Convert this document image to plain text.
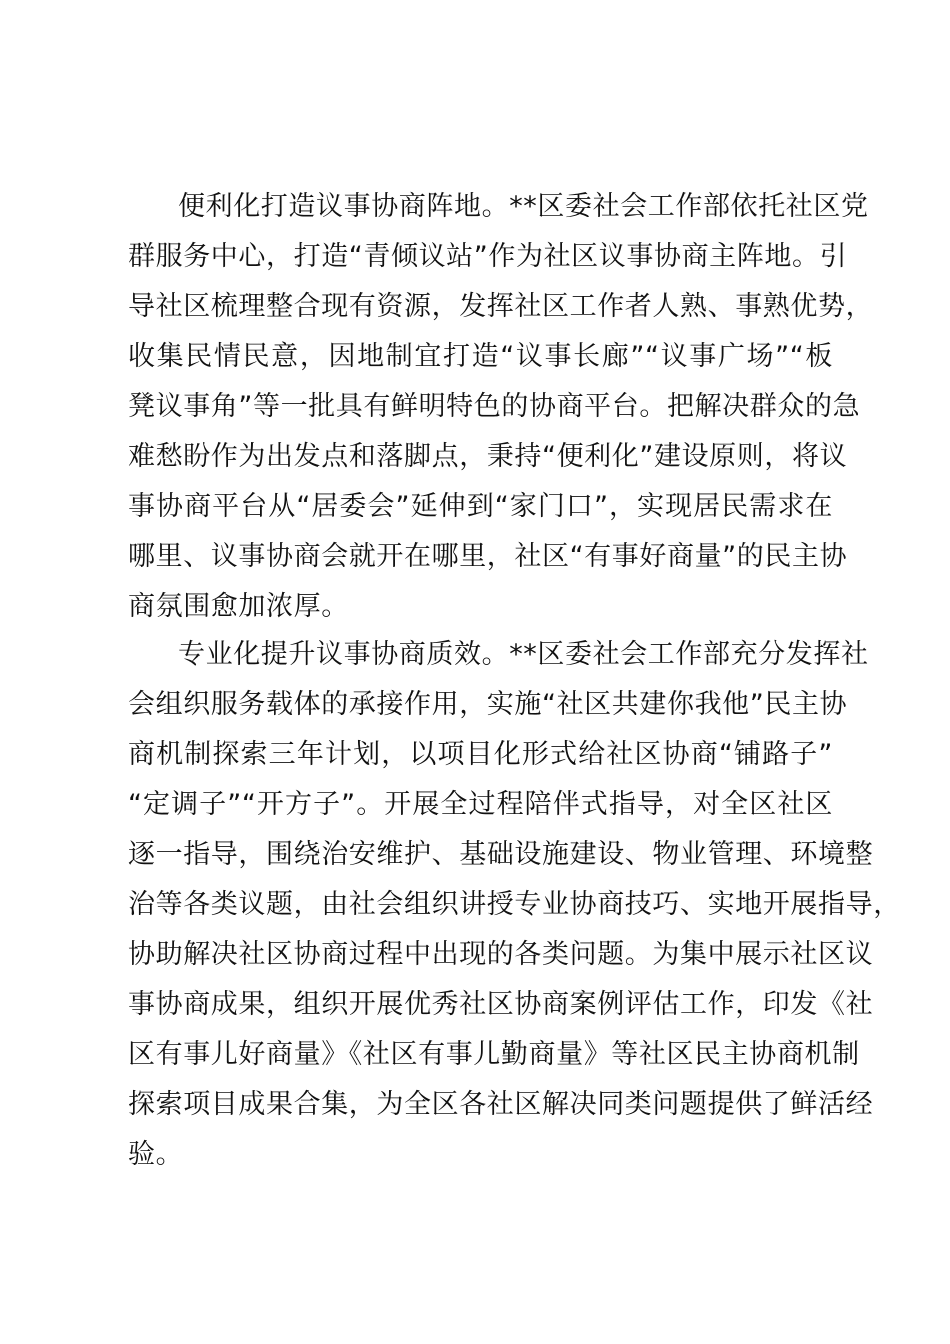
便利化打造议事协商阵地。**区委社会工作部依托社区党
群服务中心，打造“青倾议站”作为社区议事协商主阵地。引
导社区梳理整合现有资源，发挥社区工作者人熟、事熟优势，
收集民情民意，因地制宜打造“议事长廊”“议事广场”“板
凳议事角”等一批具有鲜明特色的协商平台。把解决群众的急
难愁盼作为出发点和落脚点，秉持“便利化”建设原则，将议
事协商平台从“居委会”延伸到“家门口”，实现居民需求在
哪里、议事协商会就开在哪里，社区“有事好商量”的民主协
商氛围愈加浓厚。
专业化提升议事协商质效。**区委社会工作部充分发挥社
会组织服务载体的承接作用，实施“社区共建你我他”民主协
商机制探索三年计划，以项目化形式给社区协商“铺路子”
“定调子”“开方子”。开展全过程陪伴式指导，对全区社区
逐一指导，围绕治安维护、基础设施建设、物业管理、环境整
治等各类议题，由社会组织讲授专业协商技巧、实地开展指导，
协助解决社区协商过程中出现的各类问题。为集中展示社区议
事协商成果，组织开展优秀社区协商案例评估工作，印发《社
区有事儿好商量》《社区有事儿勤商量》等社区民主协商机制
探索项目成果合集，为全区各社区解决同类问题提供了鲜活经
验。
